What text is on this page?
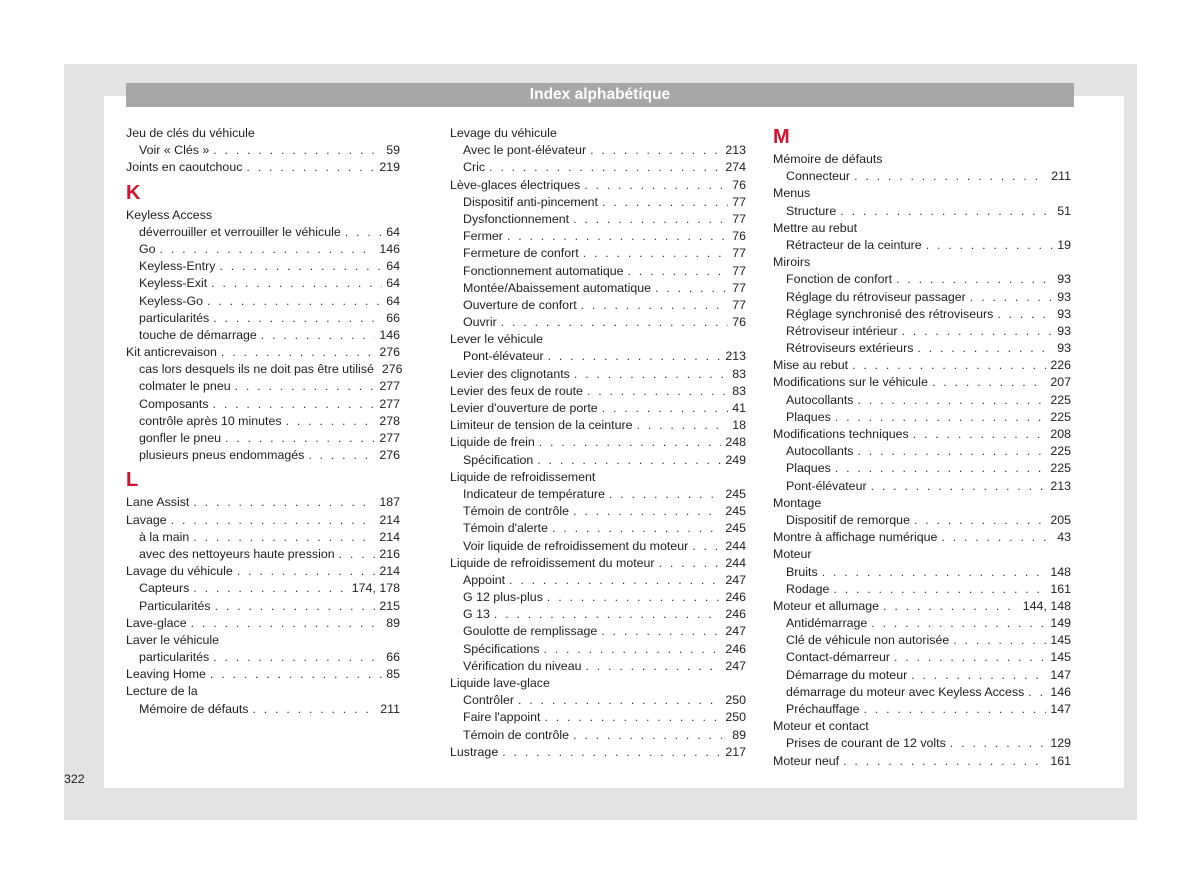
Index alphabétique
Jeu de clés du véhicule
Voir « Clés » . . .	59
Joints en caoutchouc . . .	219
K
Keyless Access
déverrouiller et verrouiller le véhicule . . .	64
Go . . .	146
Keyless-Entry . . .	64
Keyless-Exit . . .	64
Keyless-Go . . .	64
particularités . . .	66
touche de démarrage . . .	146
Kit anticrevaison . . .	276
cas lors desquels ils ne doit pas être utilisé 276
colmater le pneu . . .	277
Composants . . .	277
contrôle après 10 minutes . . .	278
gonfler le pneu . . .	277
plusieurs pneus endommagés . . .	276
L
Lane Assist . . .	187
Lavage . . .	214
à la main . . .	214
avec des nettoyeurs haute pression . . .	216
Lavage du véhicule . . .	214
Capteurs . . .	174, 178
Particularités . . .	215
Lave-glace . . .	89
Laver le véhicule
particularités . . .	66
Leaving Home . . .	85
Lecture de la
Mémoire de défauts . . .	211
Levage du véhicule
Avec le pont-élévateur . . .	213
Cric . . .	274
Lève-glaces électriques . . .	76
Dispositif anti-pincement . . .	77
Dysfonctionnement . . .	77
Fermer . . .	76
Fermeture de confort . . .	77
Fonctionnement automatique . . .	77
Montée/Abaissement automatique . . .	77
Ouverture de confort . . .	77
Ouvrir . . .	76
Lever le véhicule
Pont-élévateur . . .	213
Levier des clignotants . . .	83
Levier des feux de route . . .	83
Levier d'ouverture de porte . . .	41
Limiteur de tension de la ceinture . . .	18
Liquide de frein . . .	248
Spécification . . .	249
Liquide de refroidissement
Indicateur de température . . .	245
Témoin de contrôle . . .	245
Témoin d'alerte . . .	245
Voir liquide de refroidissement du moteur . . .	244
Liquide de refroidissement du moteur . . .	244
Appoint . . .	247
G 12 plus-plus . . .	246
G 13 . . .	246
Goulotte de remplissage . . .	247
Spécifications . . .	246
Vérification du niveau . . .	247
Liquide lave-glace
Contrôler . . .	250
Faire l'appoint . . .	250
Témoin de contrôle . . .	89
Lustrage . . .	217
M
Mémoire de défauts
Connecteur . . .	211
Menus
Structure . . .	51
Mettre au rebut
Rétracteur de la ceinture . . .	19
Miroirs
Fonction de confort . . .	93
Réglage du rétroviseur passager . . .	93
Réglage synchronisé des rétroviseurs . . .	93
Rétroviseur intérieur . . .	93
Rétroviseurs extérieurs . . .	93
Mise au rebut . . .	226
Modifications sur le véhicule . . .	207
Autocollants . . .	225
Plaques . . .	225
Modifications techniques . . .	208
Autocollants . . .	225
Plaques . . .	225
Pont-élévateur . . .	213
Montage
Dispositif de remorque . . .	205
Montre à affichage numérique . . .	43
Moteur
Bruits . . .	148
Rodage . . .	161
Moteur et allumage . . .	144, 148
Antidémarrage . . .	149
Clé de véhicule non autorisée . . .	145
Contact-démarreur . . .	145
Démarrage du moteur . . .	147
démarrage du moteur avec Keyless Access . . .	146
Préchauffage . . .	147
Moteur et contact
Prises de courant de 12 volts . . .	129
Moteur neuf . . .	161
322
